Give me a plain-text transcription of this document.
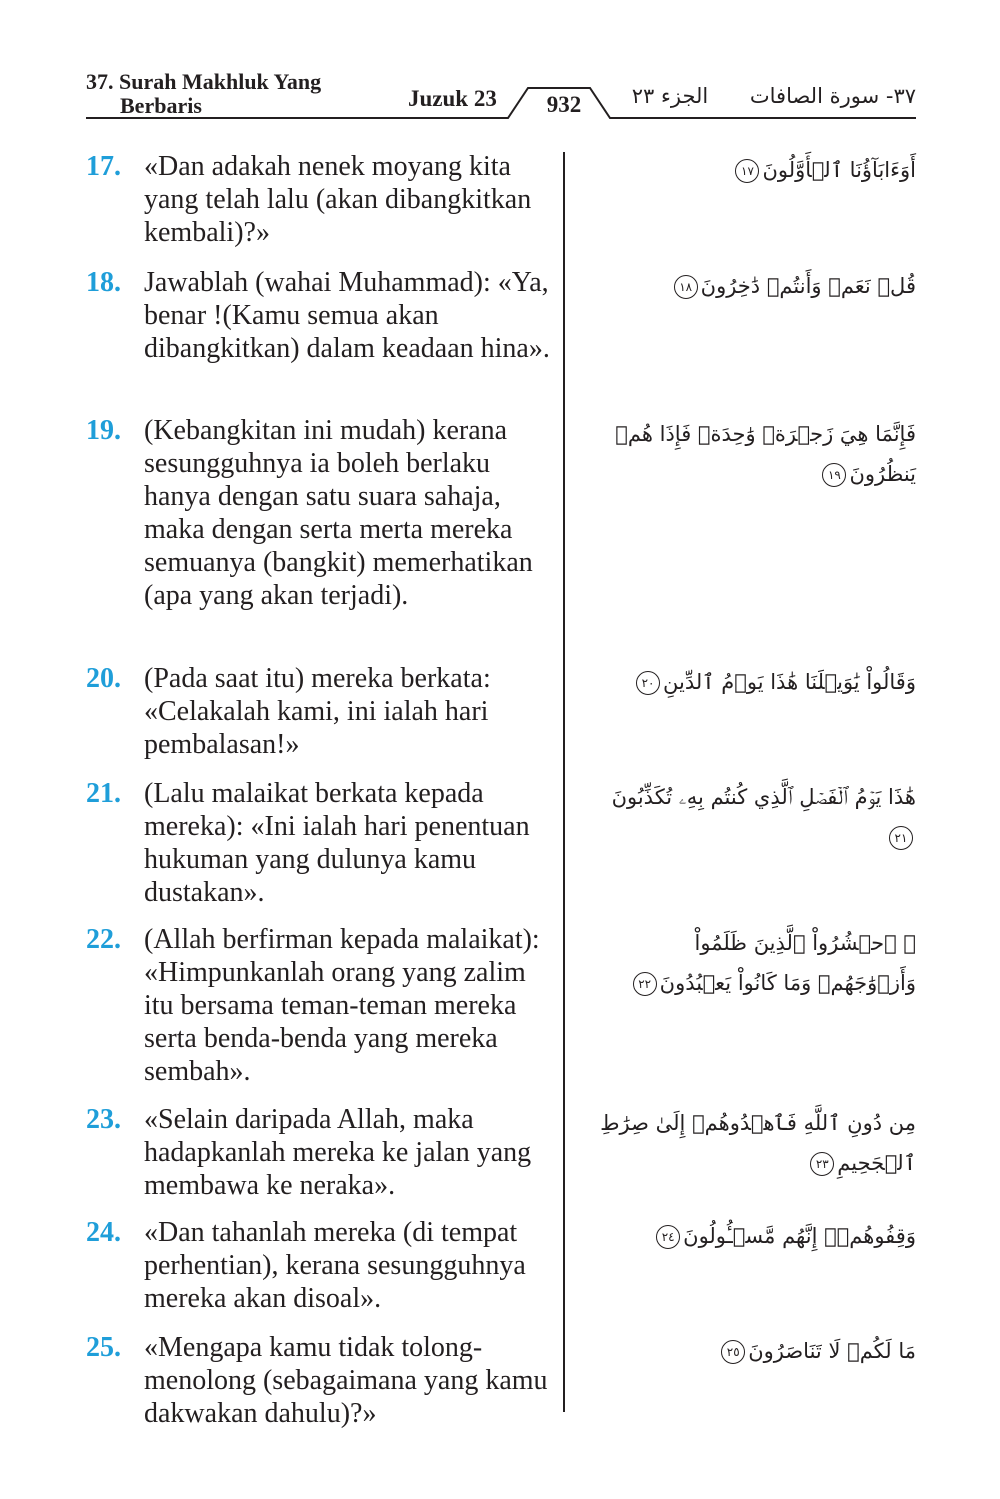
37. Surah Makhluk Yang
Berbaris	Juzuk 23	932	الجزء ٢٣ ٣٧- سورة الصافات
17. «Dan adakah nenek moyang kita yang telah lalu (akan dibangkitkan kembali)?»
أَوَءَابَآؤُنَا ٱلۡأَوَّلُونَ١٧
18. Jawablah (wahai Muhammad): «Ya, benar !(Kamu semua akan dibangkitkan) dalam keadaan hina».
قُلۡ نَعَمۡ وَأَنتُمۡ دَٰخِرُونَ١٨
19. (Kebangkitan ini mudah) kerana sesungguhnya ia boleh berlaku hanya dengan satu suara sahaja, maka dengan serta merta mereka semuanya (bangkit) memerhatikan (apa yang akan terjadi).
فَإِنَّمَا هِيَ زَجۡرَةٞ وَٰحِدَةٞ فَإِذَا هُمۡ يَنظُرُونَ١٩
20. (Pada saat itu) mereka berkata: «Celakalah kami, ini ialah hari pembalasan!»
وَقَالُواْ يَٰوَيۡلَنَا هَٰذَا يَوۡمُ ٱلدِّينِ٢٠
21. (Lalu malaikat berkata kepada mereka): «Ini ialah hari penentuan hukuman yang dulunya kamu dustakan».
هَٰذَا يَوۡمُ ٱلۡفَصۡلِ ٱلَّذِي كُنتُم بِهِۦ تُكَذِّبُونَ٢١
22. (Allah berfirman kepada malaikat): «Himpunkanlah orang yang zalim itu bersama teman-teman mereka serta benda-benda yang mereka sembah».
۞ ٱحۡشُرُواْ ٱلَّذِينَ ظَلَمُواْ وَأَزۡوَٰجَهُمۡ وَمَا كَانُواْ يَعۡبُدُونَ٢٢
23. «Selain daripada Allah, maka hadapkanlah mereka ke jalan yang membawa ke neraka».
مِن دُونِ ٱللَّهِ فَٱهۡدُوهُمۡ إِلَىٰ صِرَٰطِ ٱلۡجَحِيمِ٢٣
24. «Dan tahanlah mereka (di tempat perhentian), kerana sesungguhnya mereka akan disoal».
وَقِفُوهُمۡۖ إِنَّهُم مَّسۡـُٔولُونَ٢٤
25. «Mengapa kamu tidak tolong-menolong (sebagaimana yang kamu dakwakan dahulu)?»
مَا لَكُمۡ لَا تَنَاصَرُونَ٢٥
